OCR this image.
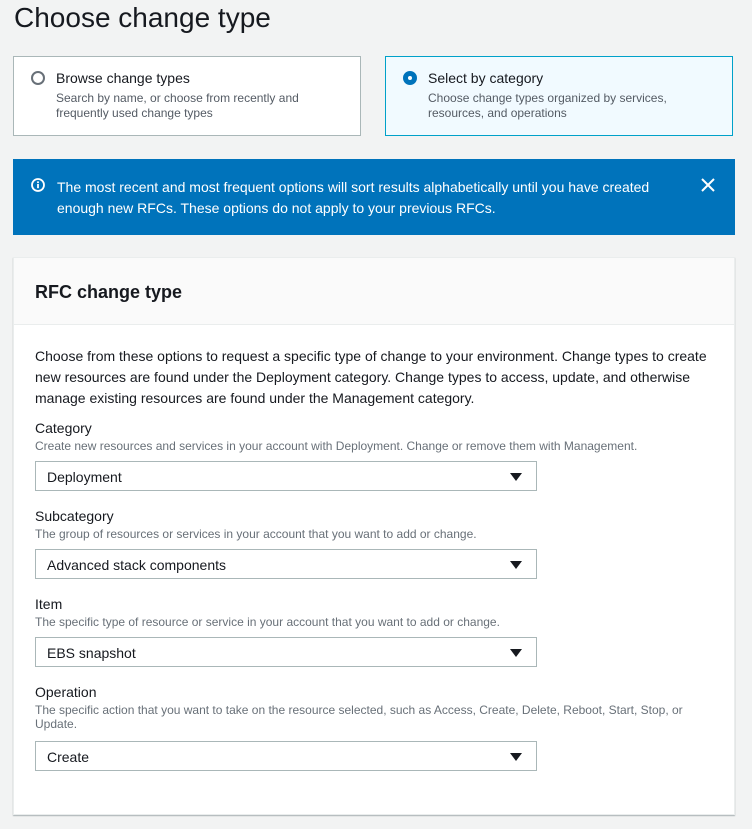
Choose change type
Browse change types
Search by name, or choose from recently and frequently used change types
Select by category
Choose change types organized by services, resources, and operations
The most recent and most frequent options will sort results alphabetically until you have created enough new RFCs. These options do not apply to your previous RFCs.
RFC change type
Choose from these options to request a specific type of change to your environment. Change types to create new resources are found under the Deployment category. Change types to access, update, and otherwise manage existing resources are found under the Management category.
Category
Create new resources and services in your account with Deployment. Change or remove them with Management.
Deployment
Subcategory
The group of resources or services in your account that you want to add or change.
Advanced stack components
Item
The specific type of resource or service in your account that you want to add or change.
EBS snapshot
Operation
The specific action that you want to take on the resource selected, such as Access, Create, Delete, Reboot, Start, Stop, or Update.
Create
